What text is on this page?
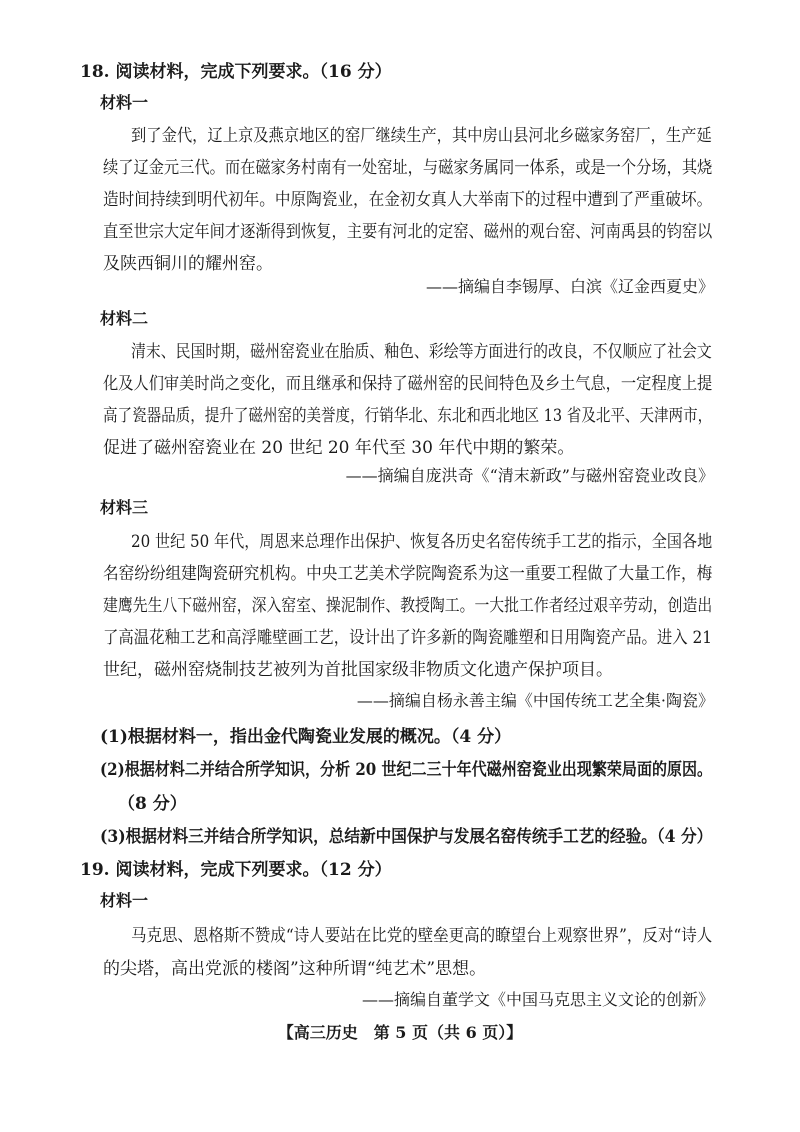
18. 阅读材料，完成下列要求。（16 分）
材料一
到了金代，辽上京及燕京地区的窑厂继续生产，其中房山县河北乡磁家务窑厂，生产延
续了辽金元三代。而在磁家务村南有一处窑址，与磁家务属同一体系，或是一个分场，其烧
造时间持续到明代初年。中原陶瓷业，在金初女真人大举南下的过程中遭到了严重破坏。
直至世宗大定年间才逐渐得到恢复，主要有河北的定窑、磁州的观台窑、河南禹县的钧窑以
及陕西铜川的耀州窑。
——摘编自李锡厚、白滨《辽金西夏史》
材料二
清末、民国时期，磁州窑瓷业在胎质、釉色、彩绘等方面进行的改良，不仅顺应了社会文
化及人们审美时尚之变化，而且继承和保持了磁州窑的民间特色及乡土气息，一定程度上提
高了瓷器品质，提升了磁州窑的美誉度，行销华北、东北和西北地区 13 省及北平、天津两市，
促进了磁州窑瓷业在 20 世纪 20 年代至 30 年代中期的繁荣。
——摘编自庞洪奇《“清末新政”与磁州窑瓷业改良》
材料三
20 世纪 50 年代，周恩来总理作出保护、恢复各历史名窑传统手工艺的指示，全国各地
名窑纷纷组建陶瓷研究机构。中央工艺美术学院陶瓷系为这一重要工程做了大量工作，梅
建鹰先生八下磁州窑，深入窑室、操泥制作、教授陶工。一大批工作者经过艰辛劳动，创造出
了高温花釉工艺和高浮雕壁画工艺，设计出了许多新的陶瓷雕塑和日用陶瓷产品。进入 21
世纪，磁州窑烧制技艺被列为首批国家级非物质文化遗产保护项目。
——摘编自杨永善主编《中国传统工艺全集·陶瓷》
(1)根据材料一，指出金代陶瓷业发展的概况。（4 分）
(2)根据材料二并结合所学知识，分析 20 世纪二三十年代磁州窑瓷业出现繁荣局面的原因。
（8 分）
(3)根据材料三并结合所学知识，总结新中国保护与发展名窑传统手工艺的经验。（4 分）
19. 阅读材料，完成下列要求。（12 分）
材料一
马克思、恩格斯不赞成“诗人要站在比党的壁垒更高的瞭望台上观察世界”，反对“诗人
的尖塔，高出党派的楼阁”这种所谓“纯艺术”思想。
——摘编自董学文《中国马克思主义文论的创新》
【高三历史　第 5 页（共 6 页）】
